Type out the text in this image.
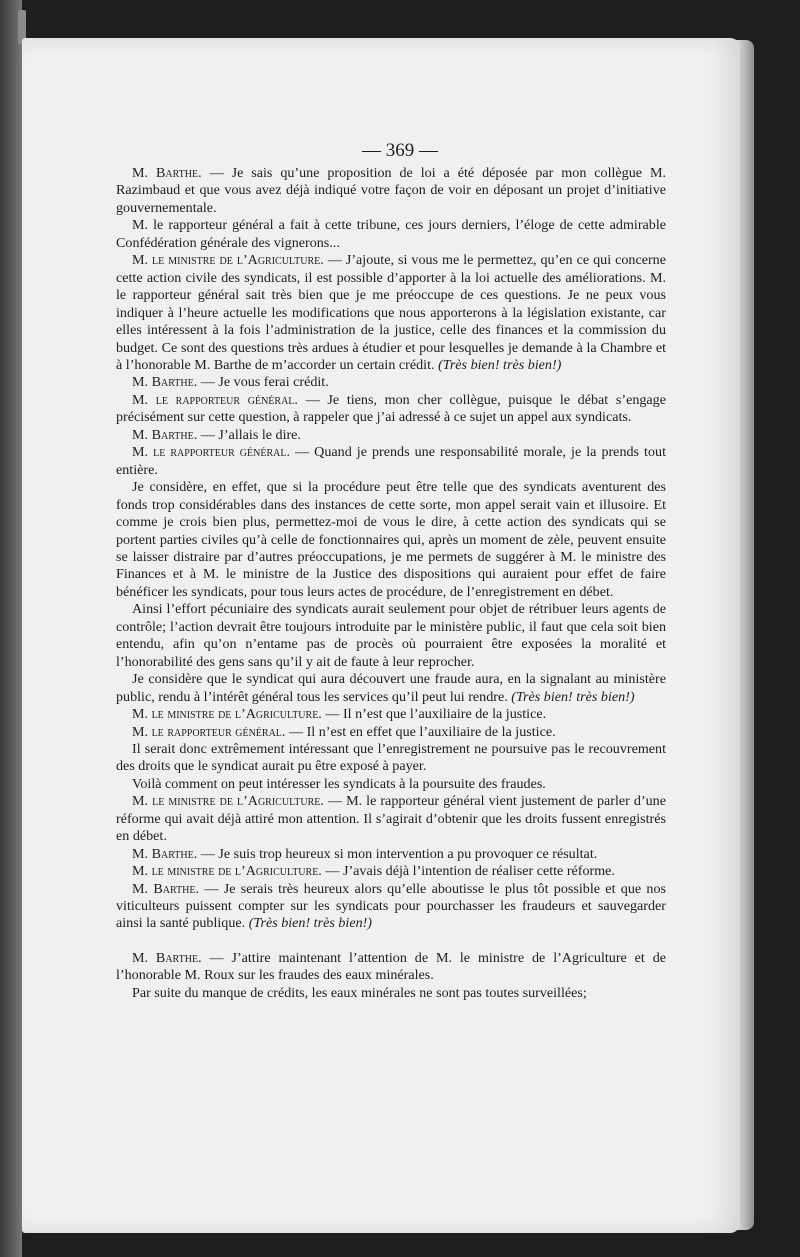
— 369 —

M. Barthe. — Je sais qu’une proposition de loi a été déposée par mon collègue M. Razimbaud et que vous avez déjà indiqué votre façon de voir en déposant un projet d’initiative gouvernementale.

M. le rapporteur général a fait à cette tribune, ces jours derniers, l’éloge de cette admirable Confédération générale des vignerons...

M. le ministre de l’Agriculture. — J’ajoute, si vous me le permettez, qu’en ce qui concerne cette action civile des syndicats, il est possible d’apporter à la loi actuelle des améliorations. M. le rapporteur général sait très bien que je me préoccupe de ces questions. Je ne peux vous indiquer à l’heure actuelle les modifications que nous apporterons à la législation existante, car elles intéressent à la fois l’administration de la justice, celle des finances et la commission du budget. Ce sont des questions très ardues à étudier et pour lesquelles je demande à la Chambre et à l’honorable M. Barthe de m’accorder un certain crédit. (Très bien! très bien!)

M. Barthe. — Je vous ferai crédit.

M. le rapporteur général. — Je tiens, mon cher collègue, puisque le débat s’engage précisément sur cette question, à rappeler que j’ai adressé à ce sujet un appel aux syndicats.

M. Barthe. — J’allais le dire.

M. le rapporteur général. — Quand je prends une responsabilité morale, je la prends tout entière.

Je considère, en effet, que si la procédure peut être telle que des syndicats aventurent des fonds trop considérables dans des instances de cette sorte, mon appel serait vain et illusoire. Et comme je crois bien plus, permettez-moi de vous le dire, à cette action des syndicats qui se portent parties civiles qu’à celle de fonctionnaires qui, après un moment de zèle, peuvent ensuite se laisser distraire par d’autres préoccupations, je me permets de suggérer à M. le ministre des Finances et à M. le ministre de la Justice des dispositions qui auraient pour effet de faire bénéficer les syndicats, pour tous leurs actes de procédure, de l’enregistrement en débet.

Ainsi l’effort pécuniaire des syndicats aurait seulement pour objet de rétribuer leurs agents de contrôle; l’action devrait être toujours introduite par le ministère public, il faut que cela soit bien entendu, afin qu’on n’entame pas de procès où pourraient être exposées la moralité et l’honorabilité des gens sans qu’il y ait de faute à leur reprocher.

Je considère que le syndicat qui aura découvert une fraude aura, en la signalant au ministère public, rendu à l’intérêt général tous les services qu’il peut lui rendre. (Très bien! très bien!)

M. le ministre de l’Agriculture. — Il n’est que l’auxiliaire de la justice.

M. le rapporteur général. — Il n’est en effet que l’auxiliaire de la justice.

Il serait donc extrêmement intéressant que l’enregistrement ne poursuive pas le recouvrement des droits que le syndicat aurait pu être exposé à payer.

Voilà comment on peut intéresser les syndicats à la poursuite des fraudes.

M. le ministre de l’Agriculture. — M. le rapporteur général vient justement de parler d’une réforme qui avait déjà attiré mon attention. Il s’agirait d’obtenir que les droits fussent enregistrés en débet.

M. Barthe. — Je suis trop heureux si mon intervention a pu provoquer ce résultat.

M. le ministre de l’Agriculture. — J’avais déjà l’intention de réaliser cette réforme.

M. Barthe. — Je serais très heureux alors qu’elle aboutisse le plus tôt possible et que nos viticulteurs puissent compter sur les syndicats pour pourchasser les fraudeurs et sauvegarder ainsi la santé publique. (Très bien! très bien!)

M. Barthe. — J’attire maintenant l’attention de M. le ministre de l’Agriculture et de l’honorable M. Roux sur les fraudes des eaux minérales.

Par suite du manque de crédits, les eaux minérales ne sont pas toutes surveillées;
